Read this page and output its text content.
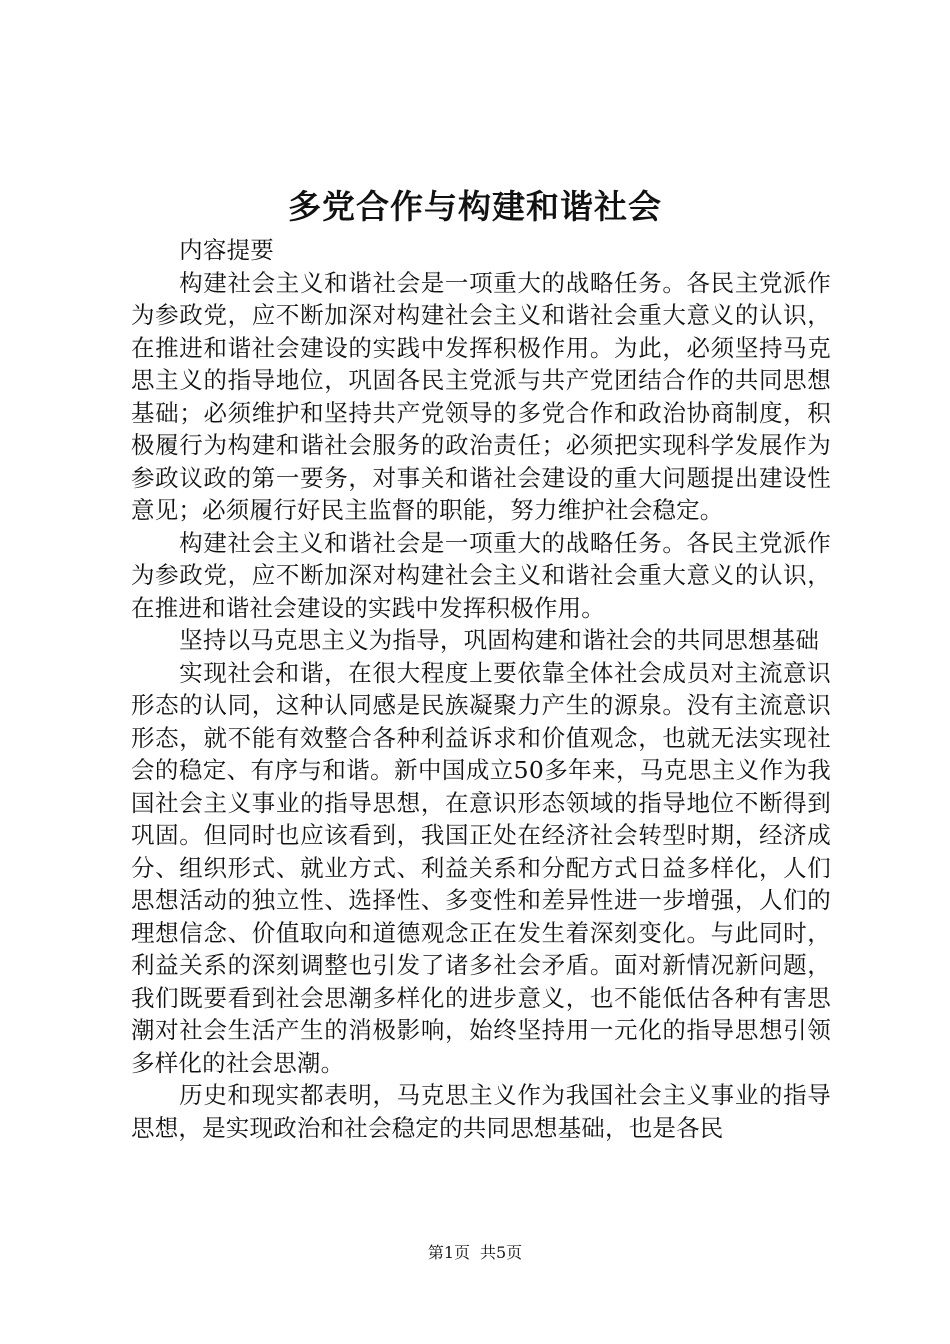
多党合作与构建和谐社会

内容提要

构建社会主义和谐社会是一项重大的战略任务。各民主党派作为参政党，应不断加深对构建社会主义和谐社会重大意义的认识，在推进和谐社会建设的实践中发挥积极作用。为此，必须坚持马克思主义的指导地位，巩固各民主党派与共产党团结合作的共同思想基础；必须维护和坚持共产党领导的多党合作和政治协商制度，积极履行为构建和谐社会服务的政治责任；必须把实现科学发展作为参政议政的第一要务，对事关和谐社会建设的重大问题提出建设性意见；必须履行好民主监督的职能，努力维护社会稳定。

构建社会主义和谐社会是一项重大的战略任务。各民主党派作为参政党，应不断加深对构建社会主义和谐社会重大意义的认识，在推进和谐社会建设的实践中发挥积极作用。

坚持以马克思主义为指导，巩固构建和谐社会的共同思想基础

实现社会和谐，在很大程度上要依靠全体社会成员对主流意识形态的认同，这种认同感是民族凝聚力产生的源泉。没有主流意识形态，就不能有效整合各种利益诉求和价值观念，也就无法实现社会的稳定、有序与和谐。新中国成立50多年来，马克思主义作为我国社会主义事业的指导思想，在意识形态领域的指导地位不断得到巩固。但同时也应该看到，我国正处在经济社会转型时期，经济成分、组织形式、就业方式、利益关系和分配方式日益多样化，人们思想活动的独立性、选择性、多变性和差异性进一步增强，人们的理想信念、价值取向和道德观念正在发生着深刻变化。与此同时，利益关系的深刻调整也引发了诸多社会矛盾。面对新情况新问题，我们既要看到社会思潮多样化的进步意义，也不能低估各种有害思潮对社会生活产生的消极影响，始终坚持用一元化的指导思想引领多样化的社会思潮。

历史和现实都表明，马克思主义作为我国社会主义事业的指导思想，是实现政治和社会稳定的共同思想基础，也是各民

第1页 共5页
